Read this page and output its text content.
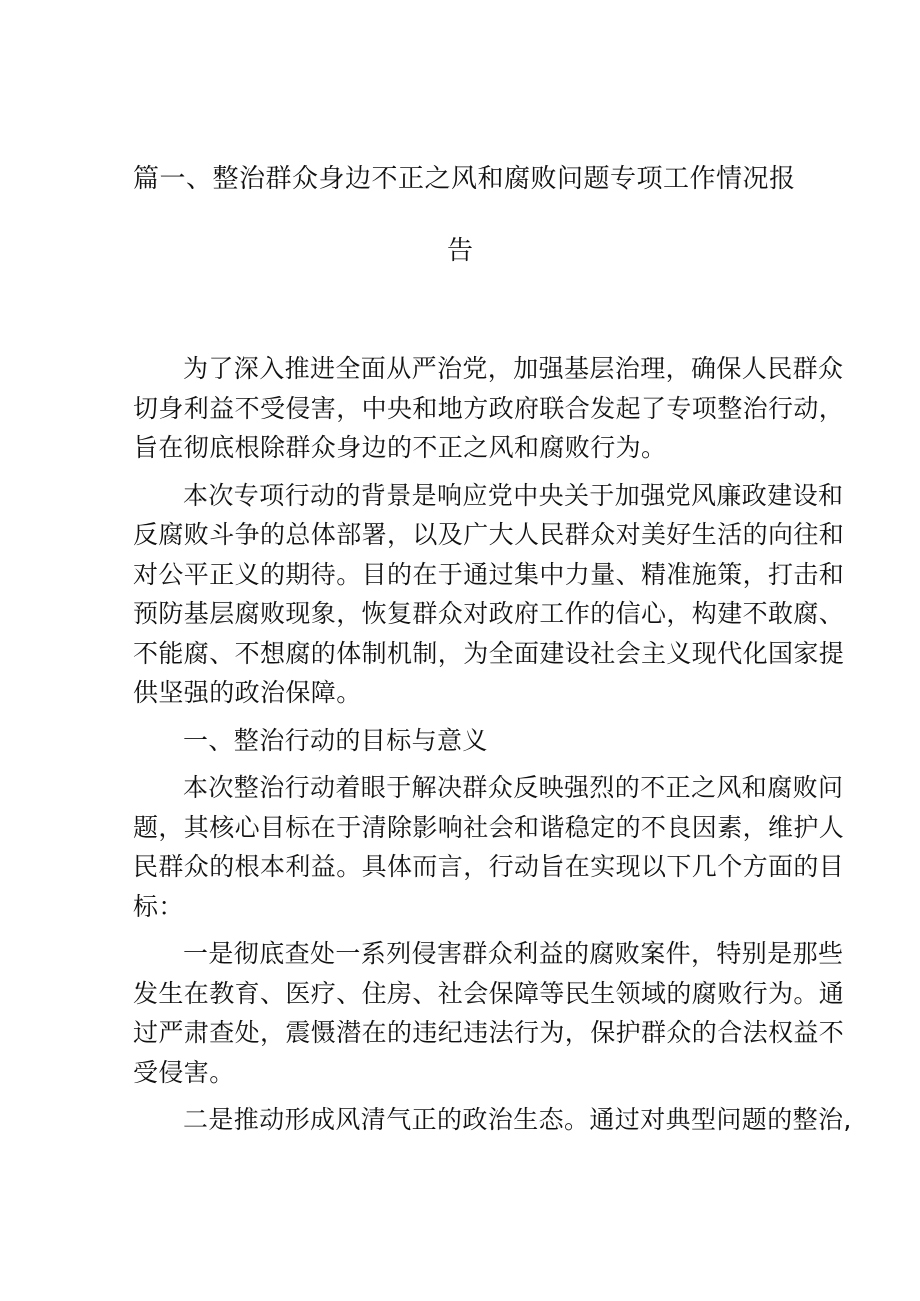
篇一、整治群众身边不正之风和腐败问题专项工作情况报
告
为了深入推进全面从严治党，加强基层治理，确保人民群众
切身利益不受侵害，中央和地方政府联合发起了专项整治行动，
旨在彻底根除群众身边的不正之风和腐败行为。
本次专项行动的背景是响应党中央关于加强党风廉政建设和
反腐败斗争的总体部署，以及广大人民群众对美好生活的向往和
对公平正义的期待。目的在于通过集中力量、精准施策，打击和
预防基层腐败现象，恢复群众对政府工作的信心，构建不敢腐、
不能腐、不想腐的体制机制，为全面建设社会主义现代化国家提
供坚强的政治保障。
一、整治行动的目标与意义
本次整治行动着眼于解决群众反映强烈的不正之风和腐败问
题，其核心目标在于清除影响社会和谐稳定的不良因素，维护人
民群众的根本利益。具体而言，行动旨在实现以下几个方面的目
标：
一是彻底查处一系列侵害群众利益的腐败案件，特别是那些
发生在教育、医疗、住房、社会保障等民生领域的腐败行为。通
过严肃查处，震慑潜在的违纪违法行为，保护群众的合法权益不
受侵害。
二是推动形成风清气正的政治生态。通过对典型问题的整治,
